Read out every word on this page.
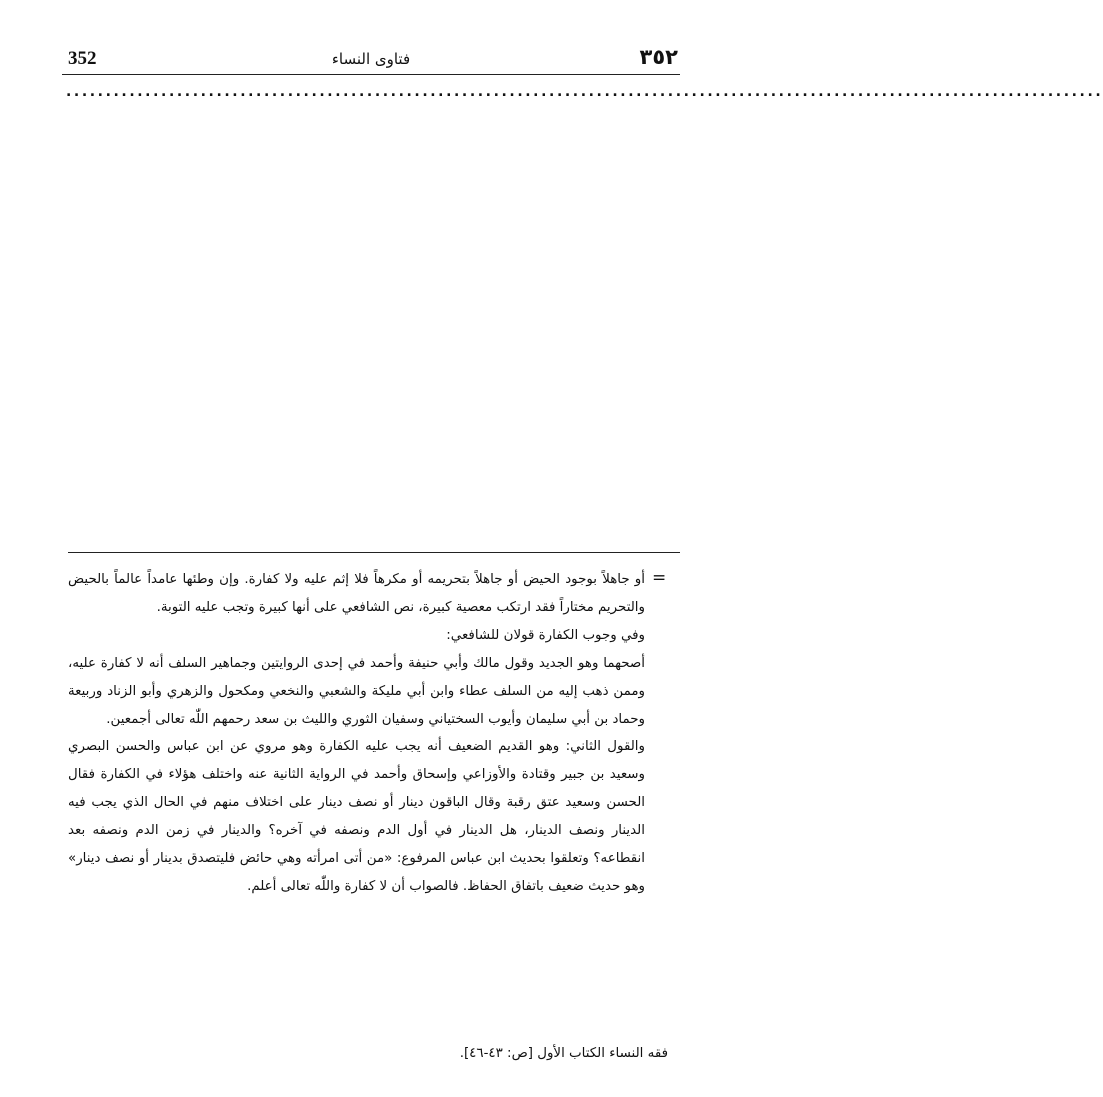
352	فتاوى النساء	٣٥٢
...................................................................................................................................
=

أو جاهلاً بوجود الحيض أو جاهلاً بتحريمه أو مكرهاً فلا إثم عليه ولا كفارة. وإن وطئها عامداً عالماً بالحيض والتحريم مختاراً فقد ارتكب معصية كبيرة، نص الشافعي على أنها كبيرة وتجب عليه التوبة.

وفي وجوب الكفارة قولان للشافعي:

أصحهما وهو الجديد وقول مالك وأبي حنيفة وأحمد في إحدى الروايتين وجماهير السلف أنه لا كفارة عليه، وممن ذهب إليه من السلف عطاء وابن أبي مليكة والشعبي والنخعي ومكحول والزهري وأبو الزناد وربيعة وحماد بن أبي سليمان وأيوب السختياني وسفيان الثوري والليث بن سعد رحمهم اللّٰه تعالى أجمعين.

والقول الثاني: وهو القديم الضعيف أنه يجب عليه الكفارة وهو مروي عن ابن عباس والحسن البصري وسعيد بن جبير وقتادة والأوزاعي وإسحاق وأحمد في الرواية الثانية عنه واختلف هؤلاء في الكفارة فقال الحسن وسعيد عتق رقبة وقال الباقون دينار أو نصف دينار على اختلاف منهم في الحال الذي يجب فيه الدينار ونصف الدينار، هل الدينار في أول الدم ونصفه في آخره؟ والدينار في زمن الدم ونصفه بعد انقطاعه؟ وتعلقوا بحديث ابن عباس المرفوع: «من أتى امرأته وهي حائض فليتصدق بدينار أو نصف دينار» وهو حديث ضعيف باتفاق الحفاظ. فالصواب أن لا كفارة واللّٰه تعالى أعلم.

فقه النساء الكتاب الأول [ص: ٤٣-٤٦].
